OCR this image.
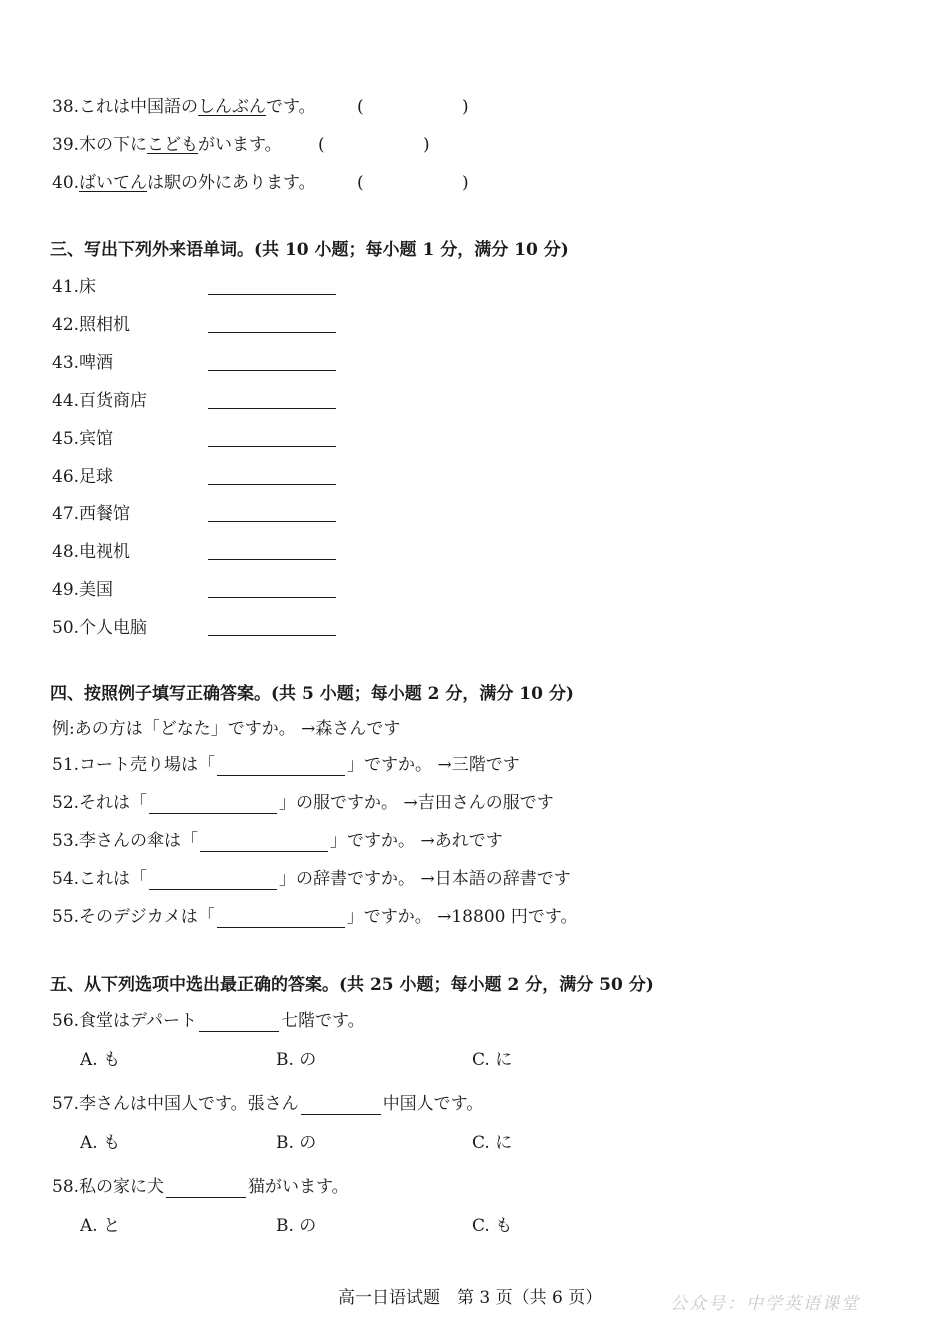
38.これは中国語のしんぶんです。 (	)
39.木の下にこどもがいます。 (	)
40.ばいてんは駅の外にあります。 (	)
三、写出下列外来语单词。(共 10 小题；每小题 1 分，满分 10 分)
41.床
42.照相机
43.啤酒
44.百货商店
45.宾馆
46.足球
47.西餐馆
48.电视机
49.美国
50.个人电脑
四、按照例子填写正确答案。(共 5 小题；每小题 2 分，满分 10 分)
例:あの方は「どなた」ですか。 →森さんです
51.コート売り場は「	」ですか。 →三階です
52.それは「	」の服ですか。 →吉田さんの服です
53.李さんの傘は「	」ですか。 →あれです
54.これは「	」の辞書ですか。 →日本語の辞書です
55.そのデジカメは「	」ですか。 →18800 円です。
五、从下列选项中选出最正确的答案。(共 25 小题；每小题 2 分，满分 50 分)
56.食堂はデパート	七階です。
A. も	B. の	C. に
57.李さんは中国人です。張さん	中国人です。
A. も	B. の	C. に
58.私の家に犬	猫がいます。
A. と	B. の	C. も
高一日语试题　第 3 页（共 6 页）	公众号：中学英语课堂
